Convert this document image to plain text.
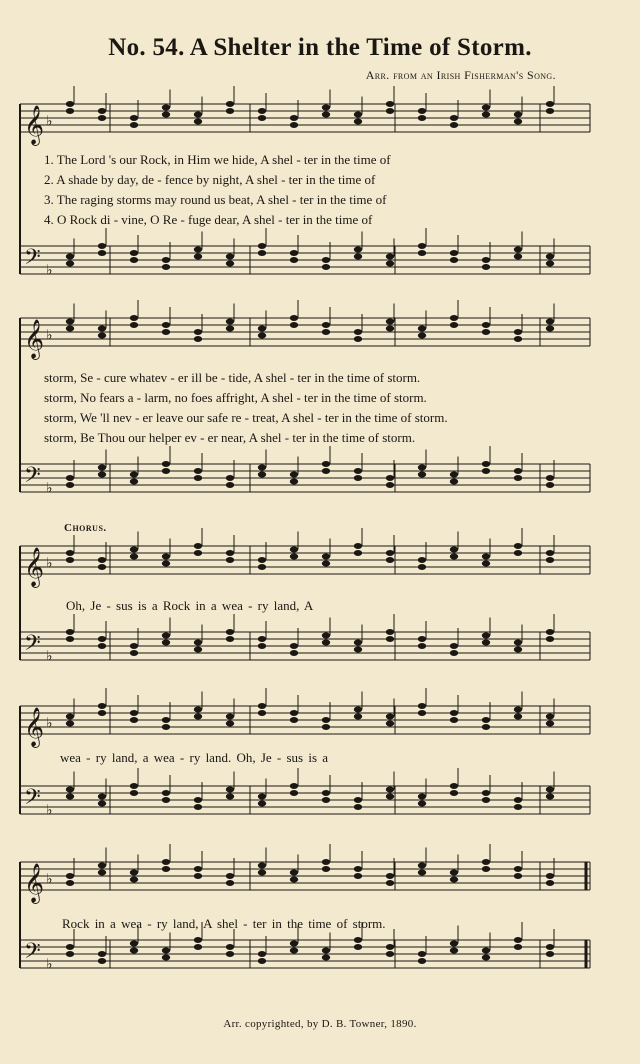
No. 54. A Shelter in the Time of Storm.
Arr. from an Irish Fisherman's Song.
𝄞 ♭
𝄢 ♭
𝄞 ♭
𝄢 ♭
𝄞 ♭
𝄢 ♭
𝄞 ♭
𝄢 ♭
𝄞 ♭
𝄢 ♭
1. The Lord 's our Rock, in Him we hide, A shel - ter in the time of
2. A shade by day, de - fence by night, A shel - ter in the time of
3. The raging storms may round us beat, A shel - ter in the time of
4. O Rock di - vine, O Re - fuge dear, A shel - ter in the time of
storm, Se - cure whatev - er ill be - tide, A shel - ter in the time of storm.
storm, No fears a - larm, no foes affright, A shel - ter in the time of storm.
storm, We 'll nev - er leave our safe re - treat, A shel - ter in the time of storm.
storm, Be Thou our helper ev - er near, A shel - ter in the time of storm.
Chorus.
Oh, Je - sus is a Rock in a wea - ry land, A
wea - ry land, a wea - ry land. Oh, Je - sus is a
Rock in a wea - ry land, A shel - ter in the time of storm.
Arr. copyrighted, by D. B. Towner, 1890.
